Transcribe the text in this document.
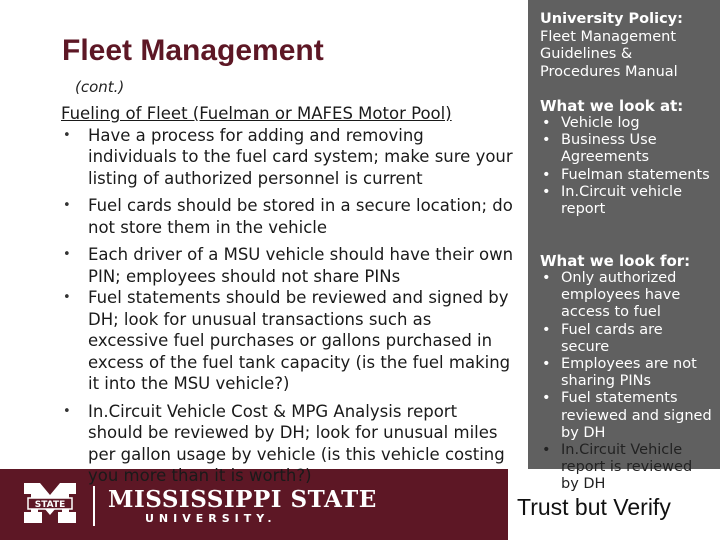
Fleet Management
(cont.)
Fueling of Fleet (Fuelman or MAFES Motor Pool)
• Have a process for adding and removing individuals to the fuel card system; make sure your listing of authorized personnel is current
• Fuel cards should be stored in a secure location; do not store them in the vehicle
• Each driver of a MSU vehicle should have their own PIN; employees should not share PINs
• Fuel statements should be reviewed and signed by DH; look for unusual transactions such as excessive fuel purchases or gallons purchased in excess of the fuel tank capacity (is the fuel making it into the MSU vehicle?)
• In.Circuit Vehicle Cost & MPG Analysis report should be reviewed by DH; look for unusual miles per gallon usage by vehicle (is this vehicle costing you more than it is worth?)
University Policy:
Fleet Management Guidelines & Procedures Manual
What we look at:
• Vehicle log
• Business Use Agreements
• Fuelman statements
• In.Circuit vehicle report
What we look for:
• Only authorized employees have access to fuel
• Fuel cards are secure
• Employees are not sharing PINs
• Fuel statements reviewed and signed by DH
• In.Circuit Vehicle report is reviewed by DH
STATE MISSISSIPPI STATE
UNIVERSITY.	Trust but Verify
